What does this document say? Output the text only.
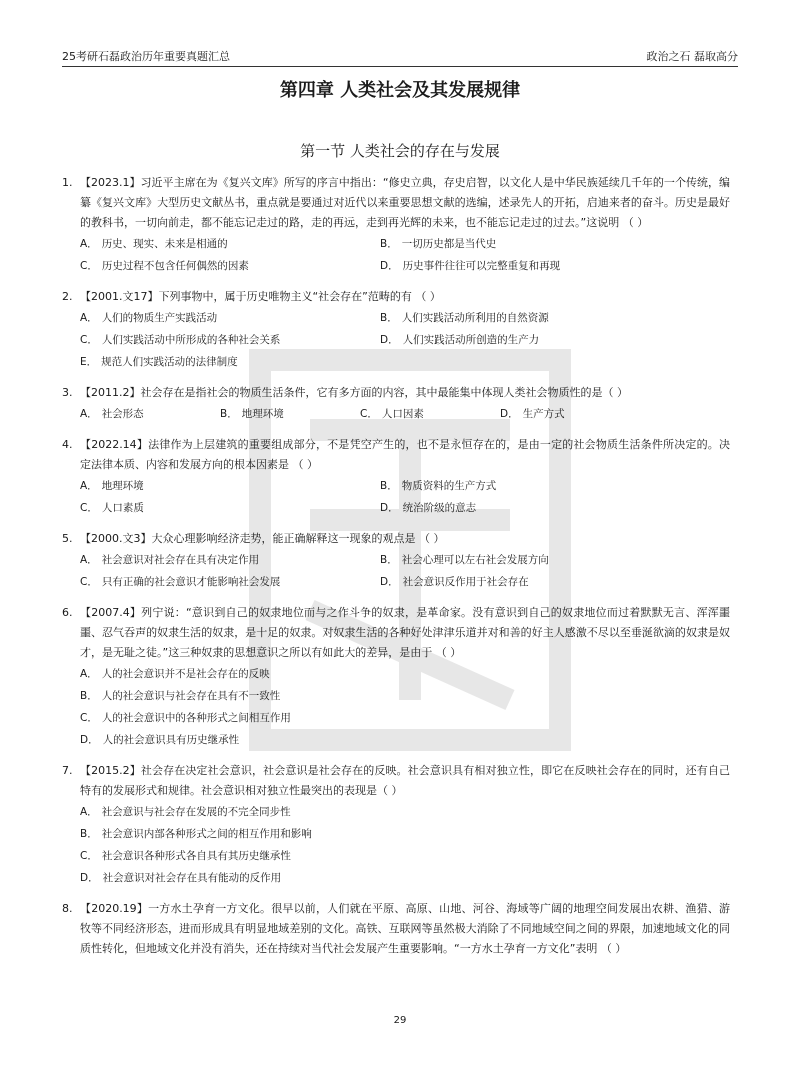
25考研石磊政治历年重要真题汇总	政治之石 磊取高分
第四章 人类社会及其发展规律
第一节 人类社会的存在与发展
1. 【2023.1】习近平主席在为《复兴文库》所写的序言中指出：“修史立典，存史启智，以文化人是中华民族延续几千年的一个传统，编纂《复兴文库》大型历史文献丛书，重点就是要通过对近代以来重要思想文献的选编，述录先人的开拓，启迪来者的奋斗。历史是最好的教科书，一切向前走，都不能忘记走过的路，走的再远，走到再光辉的未来，也不能忘记走过的过去。”这说明 （ ）
A． 历史、现实、未来是相通的	B． 一切历史都是当代史
C． 历史过程不包含任何偶然的因素	D． 历史事件往往可以完整重复和再现
2. 【2001.文17】下列事物中，属于历史唯物主义“社会存在”范畴的有 （ ）
A． 人们的物质生产实践活动	B． 人们实践活动所利用的自然资源
C． 人们实践活动中所形成的各种社会关系	D． 人们实践活动所创造的生产力
E． 规范人们实践活动的法律制度
3. 【2011.2】社会存在是指社会的物质生活条件，它有多方面的内容，其中最能集中体现人类社会物质性的是（ ）
A． 社会形态	B． 地理环境	C． 人口因素	D． 生产方式
4. 【2022.14】法律作为上层建筑的重要组成部分，不是凭空产生的，也不是永恒存在的，是由一定的社会物质生活条件所决定的。决定法律本质、内容和发展方向的根本因素是 （ ）
A． 地理环境	B． 物质资料的生产方式
C． 人口素质	D． 统治阶级的意志
5. 【2000.文3】大众心理影响经济走势，能正确解释这一现象的观点是 （ ）
A． 社会意识对社会存在具有决定作用	B． 社会心理可以左右社会发展方向
C． 只有正确的社会意识才能影响社会发展	D． 社会意识反作用于社会存在
6. 【2007.4】列宁说：“意识到自己的奴隶地位而与之作斗争的奴隶，是革命家。没有意识到自己的奴隶地位而过着默默无言、浑浑噩噩、忍气吞声的奴隶生活的奴隶，是十足的奴隶。对奴隶生活的各种好处津津乐道并对和善的好主人感激不尽以至垂涎欲滴的奴隶是奴才，是无耻之徒。”这三种奴隶的思想意识之所以有如此大的差异，是由于 （ ）
A． 人的社会意识并不是社会存在的反映
B． 人的社会意识与社会存在具有不一致性
C． 人的社会意识中的各种形式之间相互作用
D． 人的社会意识具有历史继承性
7. 【2015.2】社会存在决定社会意识，社会意识是社会存在的反映。社会意识具有相对独立性，即它在反映社会存在的同时，还有自己特有的发展形式和规律。社会意识相对独立性最突出的表现是（ ）
A． 社会意识与社会存在发展的不完全同步性
B． 社会意识内部各种形式之间的相互作用和影响
C． 社会意识各种形式各自具有其历史继承性
D． 社会意识对社会存在具有能动的反作用
8. 【2020.19】一方水土孕育一方文化。很早以前，人们就在平原、高原、山地、河谷、海域等广阔的地理空间发展出农耕、渔猎、游牧等不同经济形态，进而形成具有明显地域差别的文化。高铁、互联网等虽然极大消除了不同地域空间之间的界限，加速地域文化的同质性转化，但地域文化并没有消失，还在持续对当代社会发展产生重要影响。“一方水土孕育一方文化”表明 （ ）
29
